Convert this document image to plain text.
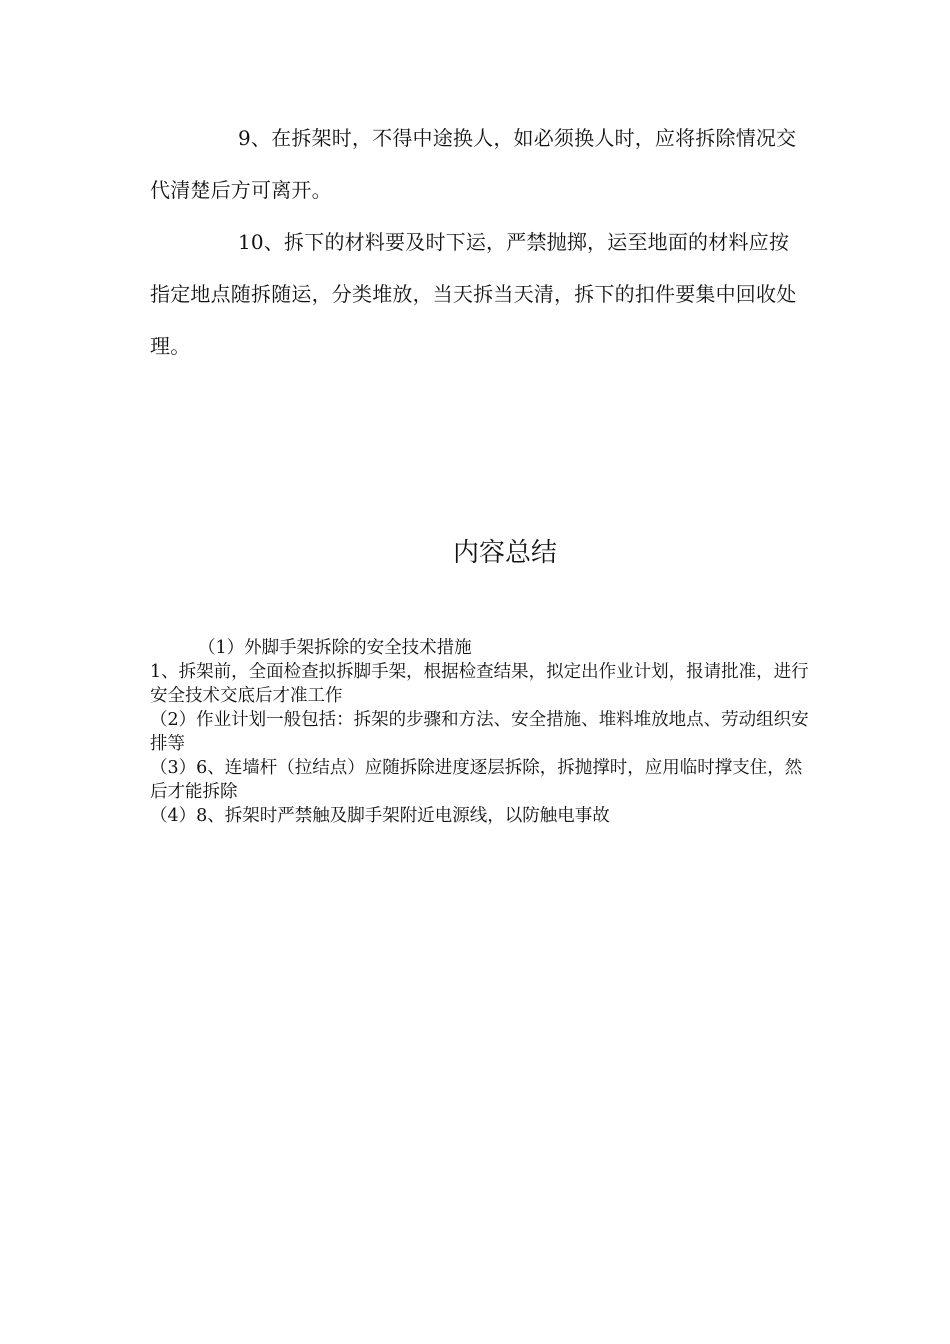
9、在拆架时，不得中途换人，如必须换人时，应将拆除情况交代清楚后方可离开。

10、拆下的材料要及时下运，严禁抛掷，运至地面的材料应按指定地点随拆随运，分类堆放，当天拆当天清，拆下的扣件要集中回收处理。

内容总结
（1）外脚手架拆除的安全技术措施
1、拆架前，全面检查拟拆脚手架，根据检查结果，拟定出作业计划，报请批准，进行安全技术交底后才准工作
（2）作业计划一般包括：拆架的步骤和方法、安全措施、堆料堆放地点、劳动组织安排等
（3）6、连墙杆（拉结点）应随拆除进度逐层拆除，拆抛撑时，应用临时撑支住，然后才能拆除
（4）8、拆架时严禁触及脚手架附近电源线，以防触电事故
